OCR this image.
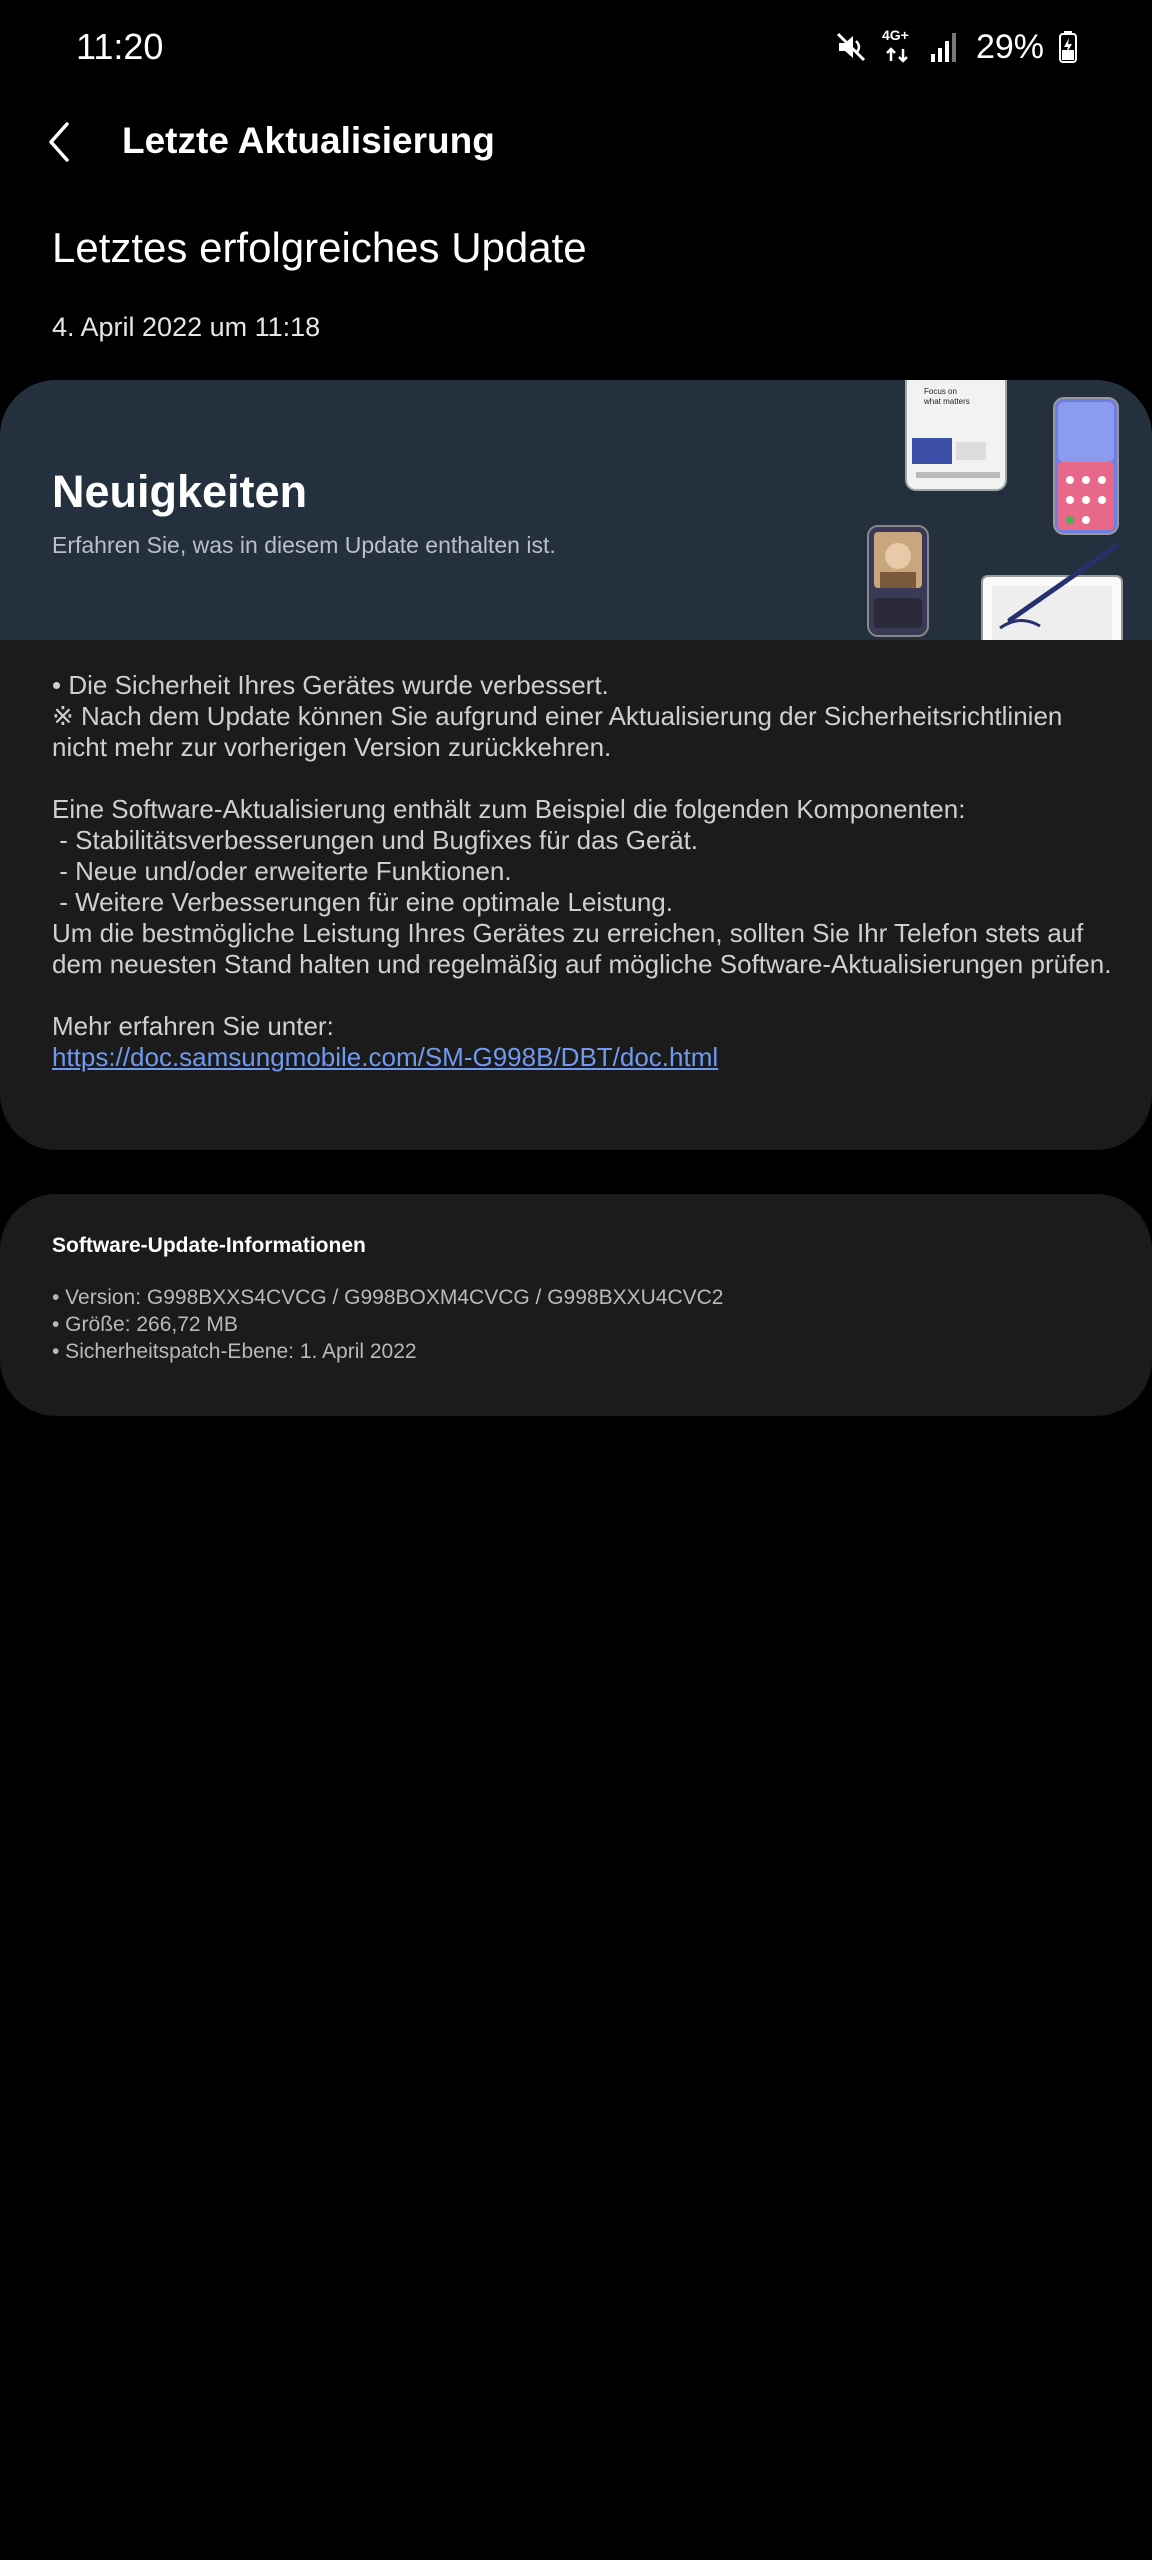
11:20	4G+ 29%
Letzte Aktualisierung
Letztes erfolgreiches Update
4. April 2022 um 11:18
Neuigkeiten
Erfahren Sie, was in diesem Update enthalten ist.
Focus on
what matters

• Die Sicherheit Ihres Gerätes wurde verbessert.

※ Nach dem Update können Sie aufgrund einer Aktualisierung der Sicherheitsrichtlinien nicht mehr zur vorherigen Version zurückkehren.

Eine Software-Aktualisierung enthält zum Beispiel die folgenden Komponenten:

- Stabilitätsverbesserungen und Bugfixes für das Gerät.

- Neue und/oder erweiterte Funktionen.

- Weitere Verbesserungen für eine optimale Leistung.

Um die bestmögliche Leistung Ihres Gerätes zu erreichen, sollten Sie Ihr Telefon stets auf dem neuesten Stand halten und regelmäßig auf mögliche Software-Aktualisierungen prüfen.

Mehr erfahren Sie unter:

https://doc.samsungmobile.com/SM-G998B/DBT/doc.html

Software-Update-Informationen
• Version: G998BXXS4CVCG / G998BOXM4CVCG / G998BXXU4CVC2
• Größe: 266,72 MB
• Sicherheitspatch-Ebene: 1. April 2022
